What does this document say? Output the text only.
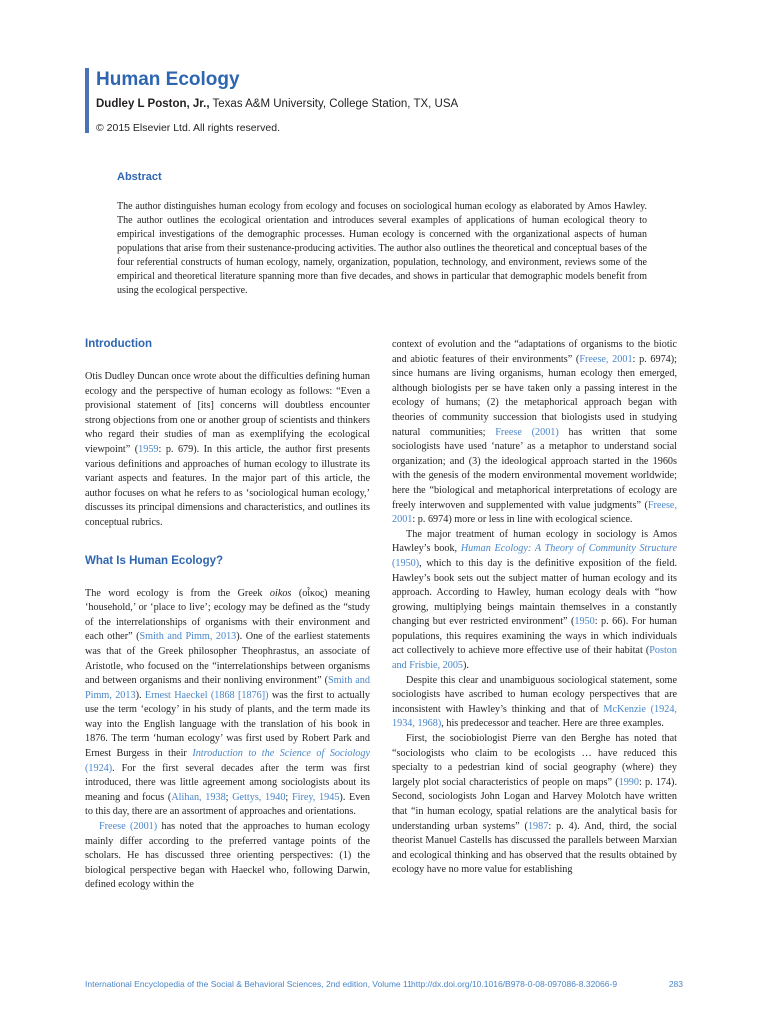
Human Ecology
Dudley L Poston, Jr., Texas A&M University, College Station, TX, USA
© 2015 Elsevier Ltd. All rights reserved.
Abstract

The author distinguishes human ecology from ecology and focuses on sociological human ecology as elaborated by Amos Hawley. The author outlines the ecological orientation and introduces several examples of applications of human ecological theory to empirical investigations of the demographic processes. Human ecology is concerned with the organizational aspects of human populations that arise from their sustenance-producing activities. The author also outlines the theoretical and conceptual bases of the four referential constructs of human ecology, namely, organization, population, technology, and environment, reviews some of the empirical and theoretical literature spanning more than five decades, and shows in particular that demographic models benefit from using the ecological perspective.

Introduction

Otis Dudley Duncan once wrote about the difficulties defining human ecology and the perspective of human ecology as follows: “Even a provisional statement of [its] concerns will doubtless encounter strong objections from one or another group of scientists and thinkers who regard their studies of man as exemplifying the ecological viewpoint” (1959: p. 679). In this article, the author first presents various definitions and approaches of human ecology to illustrate its variant aspects and features. In the major part of this article, the author focuses on what he refers to as ‘sociological human ecology,’ discusses its principal dimensions and characteristics, and outlines its conceptual rubrics.

What Is Human Ecology?

The word ecology is from the Greek oikos (οἶκος) meaning ‘household,’ or ‘place to live’; ecology may be defined as the “study of the interrelationships of organisms with their environment and each other” (Smith and Pimm, 2013). One of the earliest statements was that of the Greek philosopher Theophrastus, an associate of Aristotle, who focused on the “interrelationships between organisms and between organisms and their nonliving environment” (Smith and Pimm, 2013). Ernest Haeckel (1868 [1876]) was the first to actually use the term ‘ecology’ in his study of plants, and the term made its way into the English language with the translation of his book in 1876. The term ‘human ecology’ was first used by Robert Park and Ernest Burgess in their Introduction to the Science of Sociology (1924). For the first several decades after the term was first introduced, there was little agreement among sociologists about its meaning and focus (Alihan, 1938; Gettys, 1940; Firey, 1945). Even to this day, there are an assortment of approaches and orientations.

Freese (2001) has noted that the approaches to human ecology mainly differ according to the preferred vantage points of the scholars. He has discussed three orienting perspectives: (1) the biological perspective began with Haeckel who, following Darwin, defined ecology within the

context of evolution and the “adaptations of organisms to the biotic and abiotic features of their environments” (Freese, 2001: p. 6974); since humans are living organisms, human ecology then emerged, although biologists per se have taken only a passing interest in the ecology of humans; (2) the metaphorical approach began with theories of community succession that biologists used in studying natural communities; Freese (2001) has written that some sociologists have used ‘nature’ as a metaphor to understand social organization; and (3) the ideological approach started in the 1960s with the genesis of the modern environmental movement worldwide; here the “biological and metaphorical interpretations of ecology are freely interwoven and supplemented with value judgments” (Freese, 2001: p. 6974) more or less in line with ecological science.

The major treatment of human ecology in sociology is Amos Hawley’s book, Human Ecology: A Theory of Community Structure (1950), which to this day is the definitive exposition of the field. Hawley’s book sets out the subject matter of human ecology and its approach. According to Hawley, human ecology deals with “how growing, multiplying beings maintain themselves in a constantly changing but ever restricted environment” (1950: p. 66). For human populations, this requires examining the ways in which individuals act collectively to achieve more effective use of their habitat (Poston and Frisbie, 2005).

Despite this clear and unambiguous sociological statement, some sociologists have ascribed to human ecology perspectives that are inconsistent with Hawley’s thinking and that of McKenzie (1924, 1934, 1968), his predecessor and teacher. Here are three examples.

First, the sociobiologist Pierre van den Berghe has noted that “sociologists who claim to be ecologists … have reduced this specialty to a pedestrian kind of social geography (where) they largely plot social characteristics of people on maps” (1990: p. 174). Second, sociologists John Logan and Harvey Molotch have written that “in human ecology, spatial relations are the analytical basis for understanding urban systems” (1987: p. 4). And, third, the social theorist Manuel Castells has discussed the parallels between Marxian and ecological thinking and has observed that the results obtained by ecology have no more value for establishing

International Encyclopedia of the Social & Behavioral Sciences, 2nd edition, Volume 11 http://dx.doi.org/10.1016/B978-0-08-097086-8.32066-9	283
